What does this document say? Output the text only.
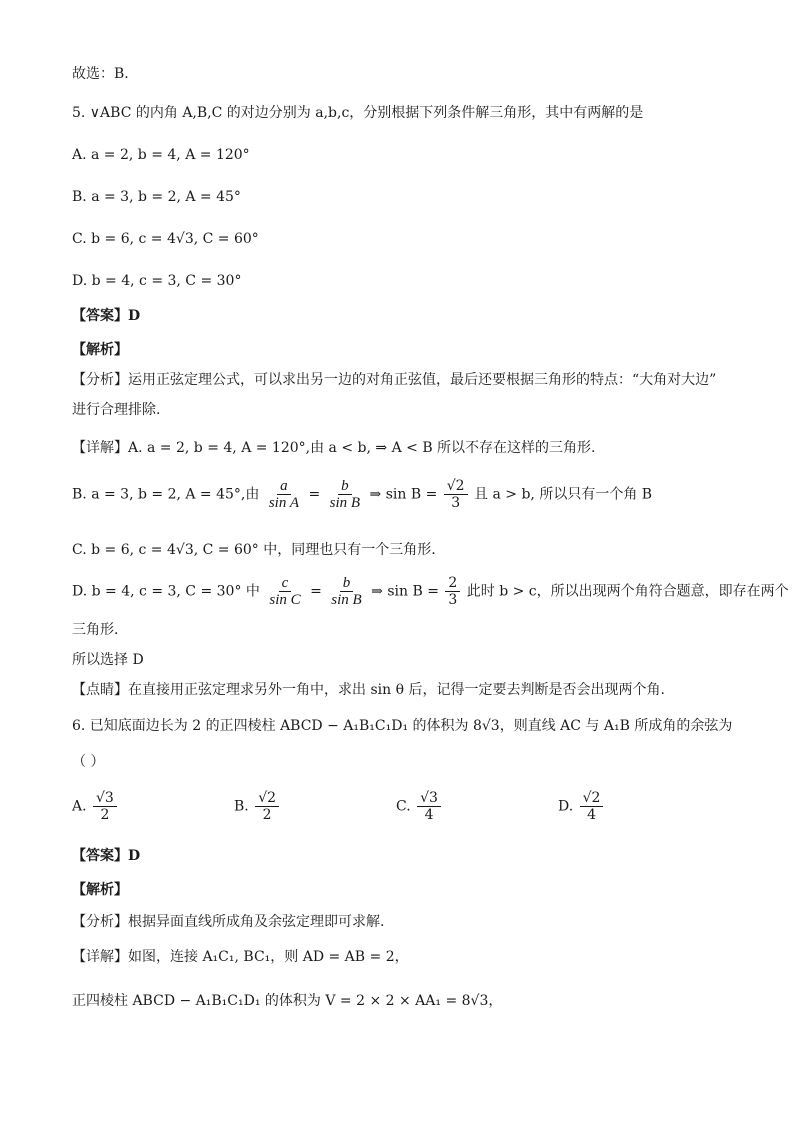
故选：B.
5. ∨ABC 的内角 A,B,C 的对边分别为 a,b,c，分别根据下列条件解三角形，其中有两解的是
A. a = 2, b = 4, A = 120°
B. a = 3, b = 2, A = 45°
C. b = 6, c = 4√3, C = 60°
D. b = 4, c = 3, C = 30°
【答案】D
【解析】
【分析】运用正弦定理公式，可以求出另一边的对角正弦值，最后还要根据三角形的特点：“大角对大边”
进行合理排除.
【详解】A. a = 2, b = 4, A = 120°,由 a < b, ⇒ A < B 所以不存在这样的三角形.
B. a = 3, b = 2, A = 45°,由 $\frac{a}{\text{sin A}} = \frac{b}{\text{sin B}}$ ⇒ $\sin B = \frac{√2}{3}$ 且 a > b, 所以只有一个角 B
C. b = 6, c = 4√3, C = 60° 中，同理也只有一个三角形.
D. b = 4, c = 3, C = 30° 中 $\frac{c}{\text{sin C}} = \frac{b}{\text{sin B}}$ ⇒ $\sin B = \frac{2}{3}$ 此时 b > c，所以出现两个角符合题意，即存在两个
三角形.
所以选择 D
【点睛】在直接用正弦定理求另外一角中，求出 sin θ 后，记得一定要去判断是否会出现两个角.
6. 已知底面边长为 2 的正四棱柱 ABCD − A₁B₁C₁D₁ 的体积为 8√3，则直线 AC 与 A₁B 所成角的余弦为
（ ）
A. $\frac{√3}{2}$	B. $\frac{√2}{2}$	C. $\frac{√3}{4}$	D. $\frac{√2}{4}$
【答案】D
【解析】
【分析】根据异面直线所成角及余弦定理即可求解.
【详解】如图，连接 A₁C₁, BC₁，则 AD = AB = 2，
正四棱柱 ABCD − A₁B₁C₁D₁ 的体积为 V = 2 × 2 × AA₁ = 8√3，
